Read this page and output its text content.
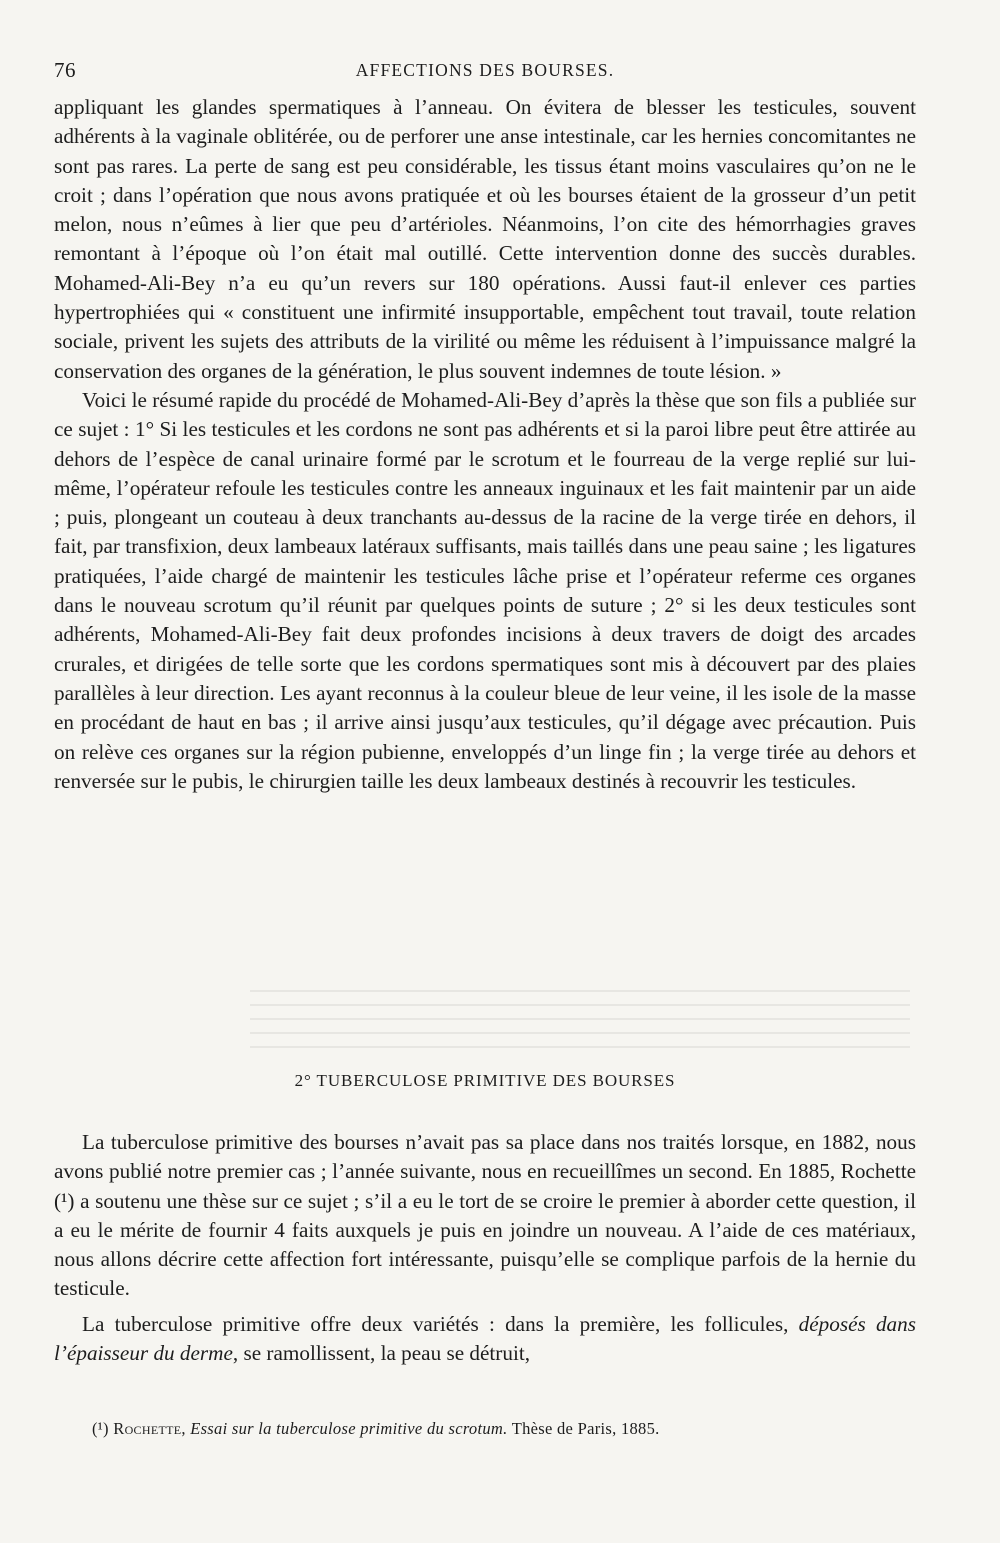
76	AFFECTIONS DES BOURSES.

appliquant les glandes spermatiques à l’anneau. On évitera de blesser les testicules, souvent adhérents à la vaginale oblitérée, ou de perforer une anse intestinale, car les hernies concomitantes ne sont pas rares. La perte de sang est peu considérable, les tissus étant moins vasculaires qu’on ne le croit ; dans l’opération que nous avons pratiquée et où les bourses étaient de la grosseur d’un petit melon, nous n’eûmes à lier que peu d’artérioles. Néanmoins, l’on cite des hémorrhagies graves remontant à l’époque où l’on était mal outillé. Cette intervention donne des succès durables. Mohamed-Ali-Bey n’a eu qu’un revers sur 180 opérations. Aussi faut-il enlever ces parties hypertrophiées qui « constituent une infirmité insupportable, empêchent tout travail, toute relation sociale, privent les sujets des attributs de la virilité ou même les réduisent à l’impuissance malgré la conservation des organes de la génération, le plus souvent indemnes de toute lésion. »

Voici le résumé rapide du procédé de Mohamed-Ali-Bey d’après la thèse que son fils a publiée sur ce sujet : 1° Si les testicules et les cordons ne sont pas adhérents et si la paroi libre peut être attirée au dehors de l’espèce de canal urinaire formé par le scrotum et le fourreau de la verge replié sur lui-même, l’opérateur refoule les testicules contre les anneaux inguinaux et les fait maintenir par un aide ; puis, plongeant un couteau à deux tranchants au-dessus de la racine de la verge tirée en dehors, il fait, par transfixion, deux lambeaux latéraux suffisants, mais taillés dans une peau saine ; les ligatures pratiquées, l’aide chargé de maintenir les testicules lâche prise et l’opérateur referme ces organes dans le nouveau scrotum qu’il réunit par quelques points de suture ; 2° si les deux testicules sont adhérents, Mohamed-Ali-Bey fait deux profondes incisions à deux travers de doigt des arcades crurales, et dirigées de telle sorte que les cordons spermatiques sont mis à découvert par des plaies parallèles à leur direction. Les ayant reconnus à la couleur bleue de leur veine, il les isole de la masse en procédant de haut en bas ; il arrive ainsi jusqu’aux testicules, qu’il dégage avec précaution. Puis on relève ces organes sur la région pubienne, enveloppés d’un linge fin ; la verge tirée au dehors et renversée sur le pubis, le chirurgien taille les deux lambeaux destinés à recouvrir les testicules.

2° TUBERCULOSE PRIMITIVE DES BOURSES

La tuberculose primitive des bourses n’avait pas sa place dans nos traités lorsque, en 1882, nous avons publié notre premier cas ; l’année suivante, nous en recueillîmes un second. En 1885, Rochette (¹) a soutenu une thèse sur ce sujet ; s’il a eu le tort de se croire le premier à aborder cette question, il a eu le mérite de fournir 4 faits auxquels je puis en joindre un nouveau. A l’aide de ces matériaux, nous allons décrire cette affection fort intéressante, puisqu’elle se complique parfois de la hernie du testicule.

La tuberculose primitive offre deux variétés : dans la première, les follicules, déposés dans l’épaisseur du derme, se ramollissent, la peau se détruit,

(¹) Rochette, Essai sur la tuberculose primitive du scrotum. Thèse de Paris, 1885.
